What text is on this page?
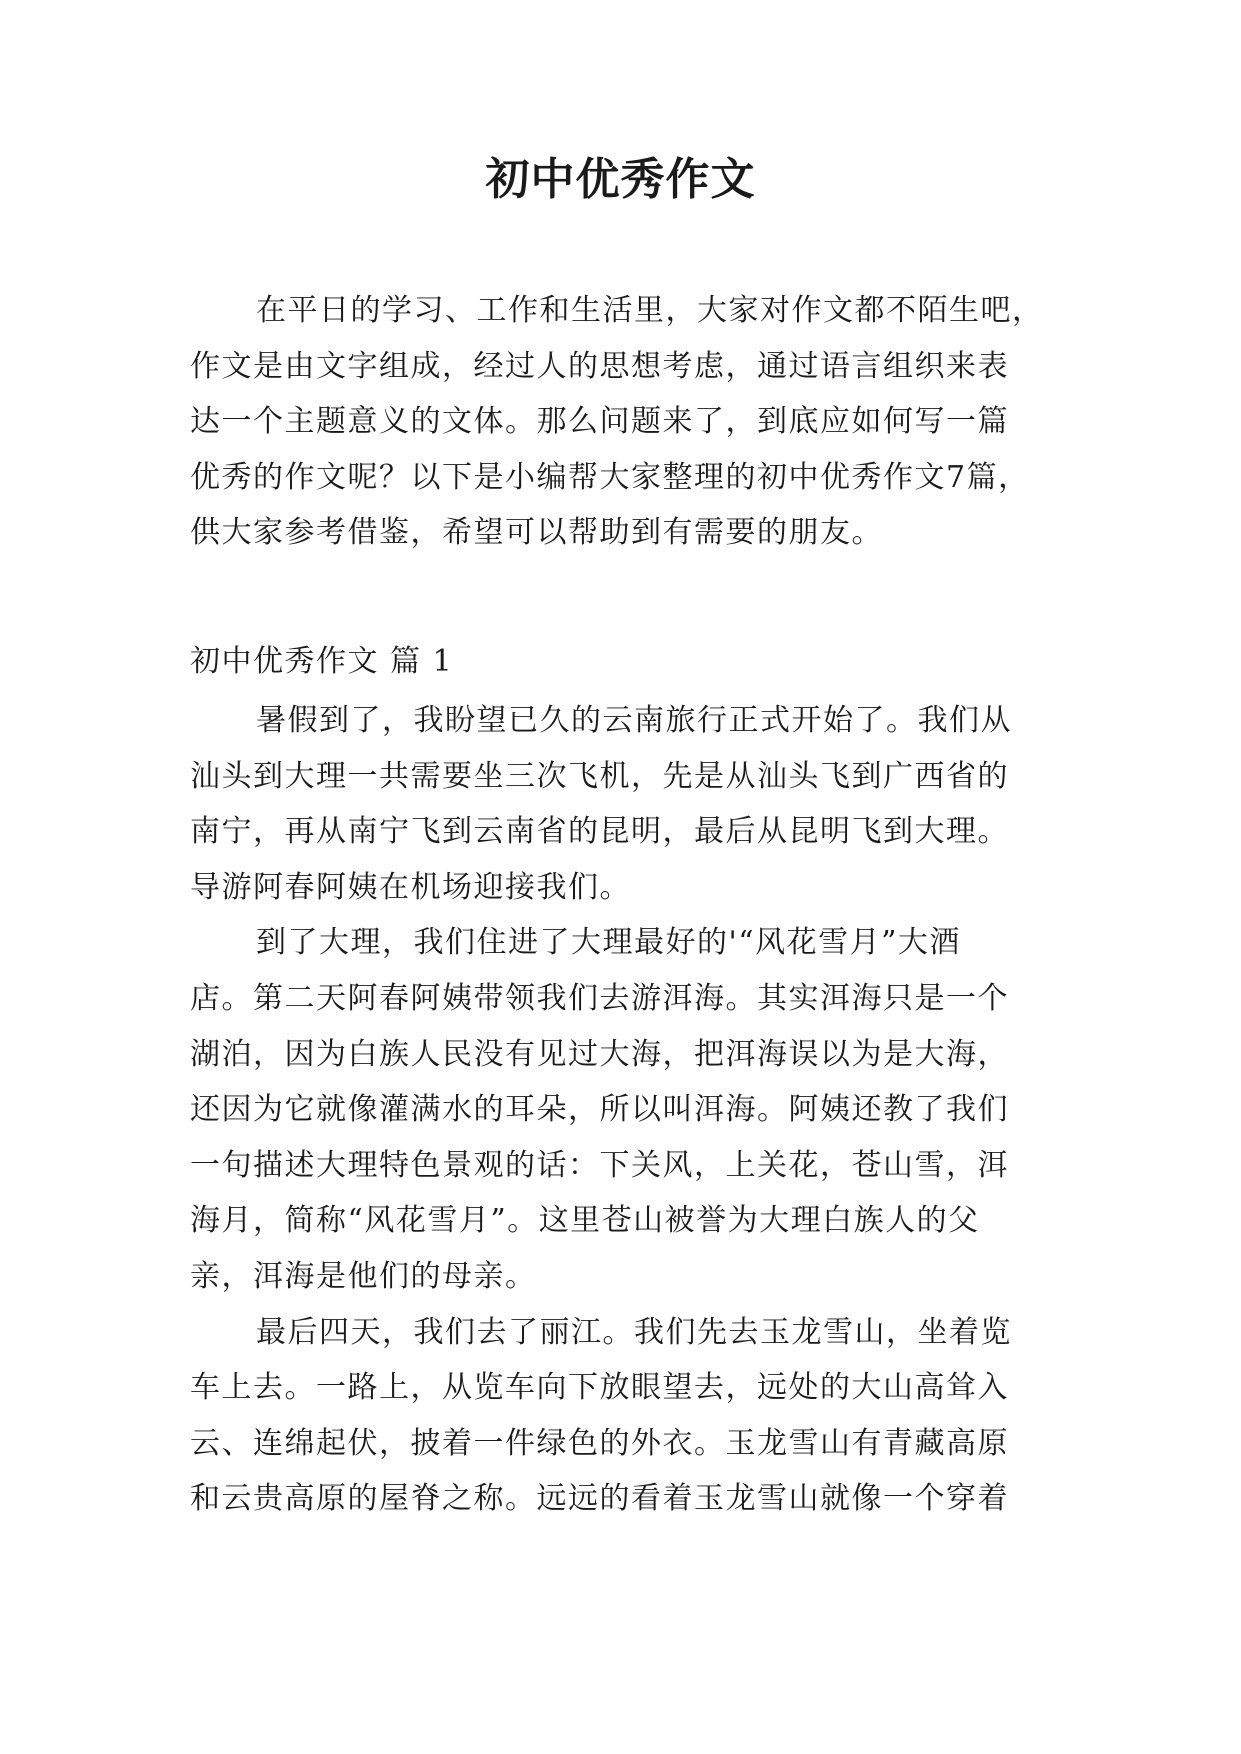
初中优秀作文
在平日的学习、工作和生活里，大家对作文都不陌生吧，
作文是由文字组成，经过人的思想考虑，通过语言组织来表
达一个主题意义的文体。那么问题来了，到底应如何写一篇
优秀的作文呢？以下是小编帮大家整理的初中优秀作文7篇，
供大家参考借鉴，希望可以帮助到有需要的朋友。
初中优秀作文 篇 1
暑假到了，我盼望已久的云南旅行正式开始了。我们从
汕头到大理一共需要坐三次飞机，先是从汕头飞到广西省的
南宁，再从南宁飞到云南省的昆明，最后从昆明飞到大理。
导游阿春阿姨在机场迎接我们。
到了大理，我们住进了大理最好的'“风花雪月”大酒
店。第二天阿春阿姨带领我们去游洱海。其实洱海只是一个
湖泊，因为白族人民没有见过大海，把洱海误以为是大海，
还因为它就像灌满水的耳朵，所以叫洱海。阿姨还教了我们
一句描述大理特色景观的话：下关风，上关花，苍山雪，洱
海月，简称“风花雪月”。这里苍山被誉为大理白族人的父
亲，洱海是他们的母亲。
最后四天，我们去了丽江。我们先去玉龙雪山，坐着览
车上去。一路上，从览车向下放眼望去，远处的大山高耸入
云、连绵起伏，披着一件绿色的外衣。玉龙雪山有青藏高原
和云贵高原的屋脊之称。远远的看着玉龙雪山就像一个穿着
